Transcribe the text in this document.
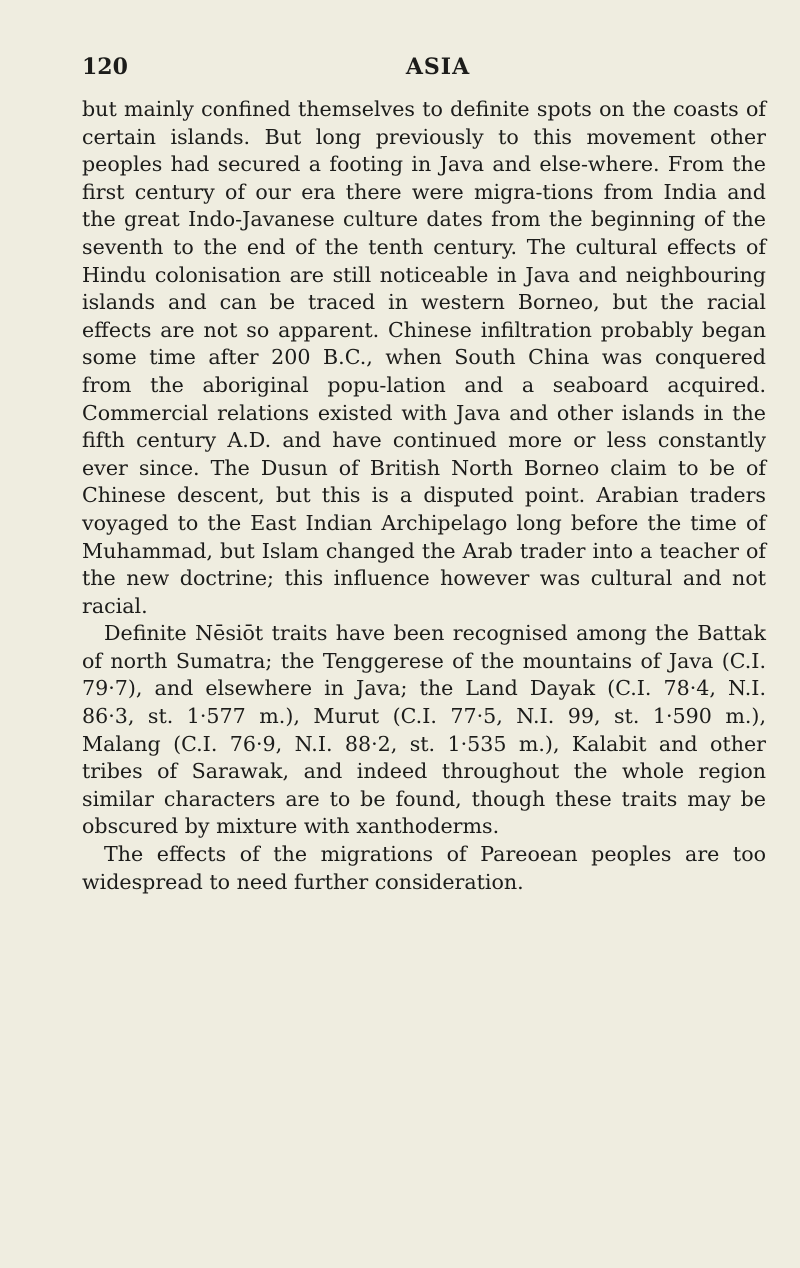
120	ASIA

but mainly confined themselves to definite spots on the coasts of certain islands. But long previously to this movement other peoples had secured a footing in Java and else-where. From the first century of our era there were migra-tions from India and the great Indo-Javanese culture dates from the beginning of the seventh to the end of the tenth century. The cultural effects of Hindu colonisation are still noticeable in Java and neighbouring islands and can be traced in western Borneo, but the racial effects are not so apparent. Chinese infiltration probably began some time after 200 B.C., when South China was conquered from the aboriginal popu-lation and a seaboard acquired. Commercial relations existed with Java and other islands in the fifth century A.D. and have continued more or less constantly ever since. The Dusun of British North Borneo claim to be of Chinese descent, but this is a disputed point. Arabian traders voyaged to the East Indian Archipelago long before the time of Muhammad, but Islam changed the Arab trader into a teacher of the new doctrine; this influence however was cultural and not racial.

Definite Nēsiōt traits have been recognised among the Battak of north Sumatra; the Tenggerese of the mountains of Java (C.I. 79·7), and elsewhere in Java; the Land Dayak (C.I. 78·4, N.I. 86·3, st. 1·577 m.), Murut (C.I. 77·5, N.I. 99, st. 1·590 m.), Malang (C.I. 76·9, N.I. 88·2, st. 1·535 m.), Kalabit and other tribes of Sarawak, and indeed throughout the whole region similar characters are to be found, though these traits may be obscured by mixture with xanthoderms.

The effects of the migrations of Pareoean peoples are too widespread to need further consideration.
